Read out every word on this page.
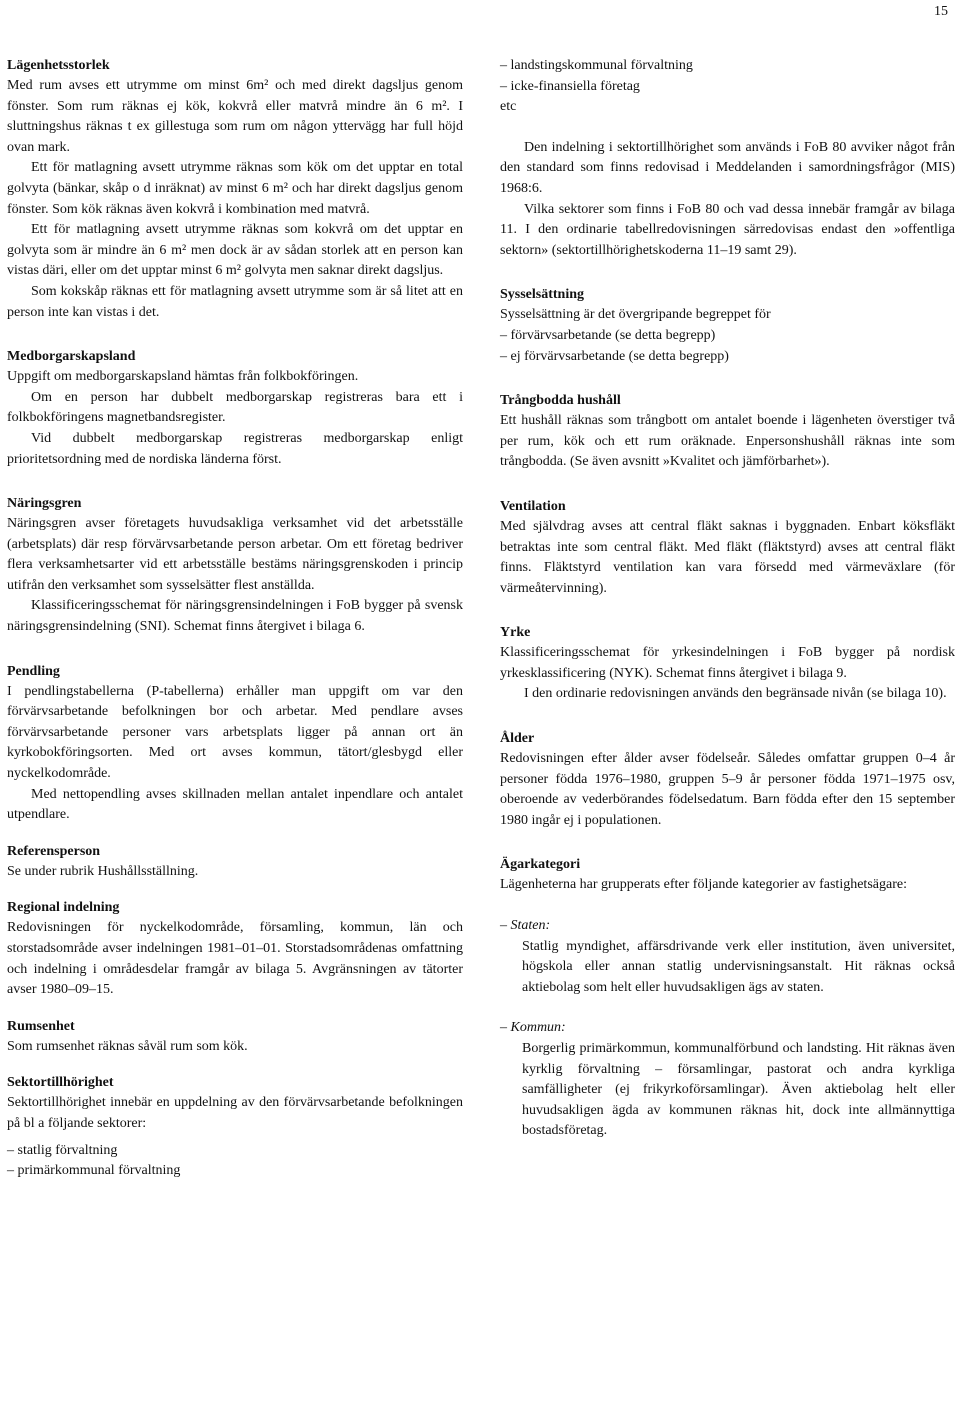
15

Lägenhetsstorlek

Med rum avses ett utrymme om minst 6m² och med direkt dagsljus genom fönster. Som rum räknas ej kök, kokvrå eller matvrå mindre än 6 m². I sluttningshus räknas t ex gillestuga som rum om någon yttervägg har full höjd ovan mark.

Ett för matlagning avsett utrymme räknas som kök om det upptar en total golvyta (bänkar, skåp o d inräknat) av minst 6 m² och har direkt dagsljus genom fönster. Som kök räknas även kokvrå i kombination med matvrå.

Ett för matlagning avsett utrymme räknas som kokvrå om det upptar en golvyta som är mindre än 6 m² men dock är av sådan storlek att en person kan vistas däri, eller om det upptar minst 6 m² golvyta men saknar direkt dagsljus.

Som kokskåp räknas ett för matlagning avsett utrymme som är så litet att en person inte kan vistas i det.

Medborgarskapsland

Uppgift om medborgarskapsland hämtas från folkbokföringen.

Om en person har dubbelt medborgarskap registreras bara ett i folkbokföringens magnetbandsregister.

Vid dubbelt medborgarskap registreras medborgarskap enligt prioritetsordning med de nordiska länderna först.

Näringsgren

Näringsgren avser företagets huvudsakliga verksamhet vid det arbetsställe (arbetsplats) där resp förvärvsarbetande person arbetar. Om ett företag bedriver flera verksamhetsarter vid ett arbetsställe bestäms näringsgrenskoden i princip utifrån den verksamhet som sysselsätter flest anställda.

Klassificeringsschemat för näringsgrensindelningen i FoB bygger på svensk näringsgrensindelning (SNI). Schemat finns återgivet i bilaga 6.

Pendling

I pendlingstabellerna (P-tabellerna) erhåller man uppgift om var den förvärvsarbetande befolkningen bor och arbetar. Med pendlare avses förvärvsarbetande personer vars arbetsplats ligger på annan ort än kyrkobokföringsorten. Med ort avses kommun, tätort/glesbygd eller nyckelkodområde.

Med nettopendling avses skillnaden mellan antalet inpendlare och antalet utpendlare.

Referensperson

Se under rubrik Hushållsställning.

Regional indelning

Redovisningen för nyckelkodområde, församling, kommun, län och storstadsområde avser indelningen 1981–01–01. Storstadsområdenas omfattning och indelning i områdesdelar framgår av bilaga 5. Avgränsningen av tätorter avser 1980–09–15.

Rumsenhet

Som rumsenhet räknas såväl rum som kök.

Sektortillhörighet

Sektortillhörighet innebär en uppdelning av den förvärvsarbetande befolkningen på bl a följande sektorer:

– statlig förvaltning

– primärkommunal förvaltning

– landstingskommunal förvaltning

– icke-finansiella företag

etc

Den indelning i sektortillhörighet som används i FoB 80 avviker något från den standard som finns redovisad i Meddelanden i samordningsfrågor (MIS) 1968:6.

Vilka sektorer som finns i FoB 80 och vad dessa innebär framgår av bilaga 11. I den ordinarie tabellredovisningen särredovisas endast den »offentliga sektorn» (sektortillhörighetskoderna 11–19 samt 29).

Sysselsättning

Sysselsättning är det övergripande begreppet för

– förvärvsarbetande (se detta begrepp)

– ej förvärvsarbetande (se detta begrepp)

Trångbodda hushåll

Ett hushåll räknas som trångbott om antalet boende i lägenheten överstiger två per rum, kök och ett rum oräknade. Enpersonshushåll räknas inte som trångbodda. (Se även avsnitt »Kvalitet och jämförbarhet»).

Ventilation

Med självdrag avses att central fläkt saknas i byggnaden. Enbart köksfläkt betraktas inte som central fläkt. Med fläkt (fläktstyrd) avses att central fläkt finns. Fläktstyrd ventilation kan vara försedd med värmeväxlare (för värmeåtervinning).

Yrke

Klassificeringsschemat för yrkesindelningen i FoB bygger på nordisk yrkesklassificering (NYK). Schemat finns återgivet i bilaga 9.

I den ordinarie redovisningen används den begränsade nivån (se bilaga 10).

Ålder

Redovisningen efter ålder avser födelseår. Således omfattar gruppen 0–4 år personer födda 1976–1980, gruppen 5–9 år personer födda 1971–1975 osv, oberoende av vederbörandes födelsedatum. Barn födda efter den 15 september 1980 ingår ej i populationen.

Ägarkategori

Lägenheterna har grupperats efter följande kategorier av fastighetsägare:

– Staten:

Statlig myndighet, affärsdrivande verk eller institution, även universitet, högskola eller annan statlig undervisningsanstalt. Hit räknas också aktiebolag som helt eller huvudsakligen ägs av staten.

– Kommun:

Borgerlig primärkommun, kommunalförbund och landsting. Hit räknas även kyrklig förvaltning – församlingar, pastorat och andra kyrkliga samfälligheter (ej frikyrkoförsamlingar). Även aktiebolag helt eller huvudsakligen ägda av kommunen räknas hit, dock inte allmännyttiga bostadsföretag.
